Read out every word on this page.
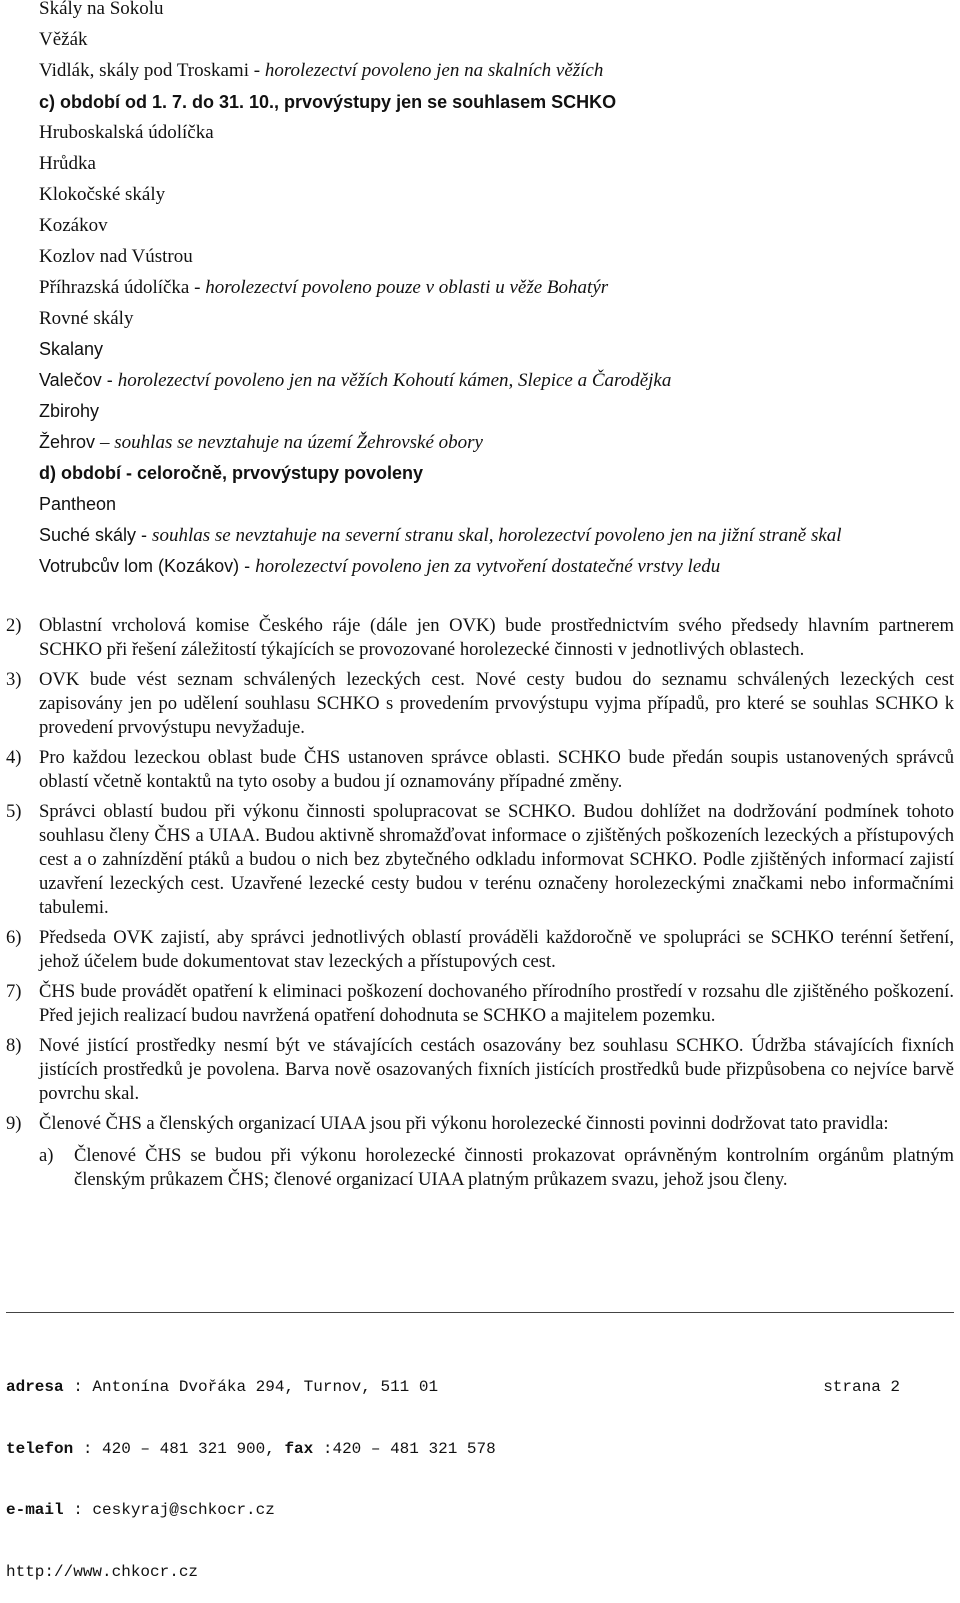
Skály na Sokolu
Věžák
Vidlák, skály pod Troskami - horolezectví povoleno jen na skalních věžích
c) období od 1. 7. do 31. 10., prvovýstupy jen se souhlasem SCHKO
Hruboskalská údolíčka
Hrůdka
Klokočské skály
Kozákov
Kozlov nad Vústrou
Příhrazská údolíčka - horolezectví povoleno pouze v oblasti u věže Bohatýr
Rovné skály
Skalany
Valečov - horolezectví povoleno jen na věžích Kohoutí kámen, Slepice a Čarodějka
Zbirohy
Žehrov – souhlas se nevztahuje na území Žehrovské obory
d) období - celoročně, prvovýstupy povoleny
Pantheon
Suché skály - souhlas se nevztahuje na severní stranu skal, horolezectví povoleno jen na jižní straně skal
Votrubcův lom (Kozákov) - horolezectví povoleno jen za vytvoření dostatečné vrstvy ledu
2) Oblastní vrcholová komise Českého ráje (dále jen OVK) bude prostřednictvím svého předsedy hlavním partnerem SCHKO při řešení záležitostí týkajících se provozované horolezecké činnosti v jednotlivých oblastech.
3) OVK bude vést seznam schválených lezeckých cest. Nové cesty budou do seznamu schválených lezeckých cest zapisovány jen po udělení souhlasu SCHKO s provedením prvovýstupu vyjma případů, pro které se souhlas SCHKO k provedení prvovýstupu nevyžaduje.
4) Pro každou lezeckou oblast bude ČHS ustanoven správce oblasti. SCHKO bude předán soupis ustanovených správců oblastí včetně kontaktů na tyto osoby a budou jí oznamovány případné změny.
5) Správci oblastí budou při výkonu činnosti spolupracovat se SCHKO. Budou dohlížet na dodržování podmínek tohoto souhlasu členy ČHS a UIAA. Budou aktivně shromažďovat informace o zjištěných poškozeních lezeckých a přístupových cest a o zahnízdění ptáků a budou o nich bez zbytečného odkladu informovat SCHKO. Podle zjištěných informací zajistí uzavření lezeckých cest. Uzavřené lezecké cesty budou v terénu označeny horolezeckými značkami nebo informačními tabulemi.
6) Předseda OVK zajistí, aby správci jednotlivých oblastí prováděli každoročně ve spolupráci se SCHKO terénní šetření, jehož účelem bude dokumentovat stav lezeckých a přístupových cest.
7) ČHS bude provádět opatření k eliminaci poškození dochovaného přírodního prostředí v rozsahu dle zjištěného poškození. Před jejich realizací budou navržená opatření dohodnuta se SCHKO a majitelem pozemku.
8) Nové jistící prostředky nesmí být ve stávajících cestách osazovány bez souhlasu SCHKO. Údržba stávajících fixních jistících prostředků je povolena. Barva nově osazovaných fixních jistících prostředků bude přizpůsobena co nejvíce barvě povrchu skal.
9) Členové ČHS a členských organizací UIAA jsou při výkonu horolezecké činnosti povinni dodržovat tato pravidla:
a) Členové ČHS se budou při výkonu horolezecké činnosti prokazovat oprávněným kontrolním orgánům platným členským průkazem ČHS; členové organizací UIAA platným průkazem svazu, jehož jsou členy.

adresa : Antonína Dvořáka 294, Turnov, 511 01	strana 2

telefon : 420 – 481 321 900, fax :420 – 481 321 578

e-mail : ceskyraj@schkocr.cz

http://www.chkocr.cz
